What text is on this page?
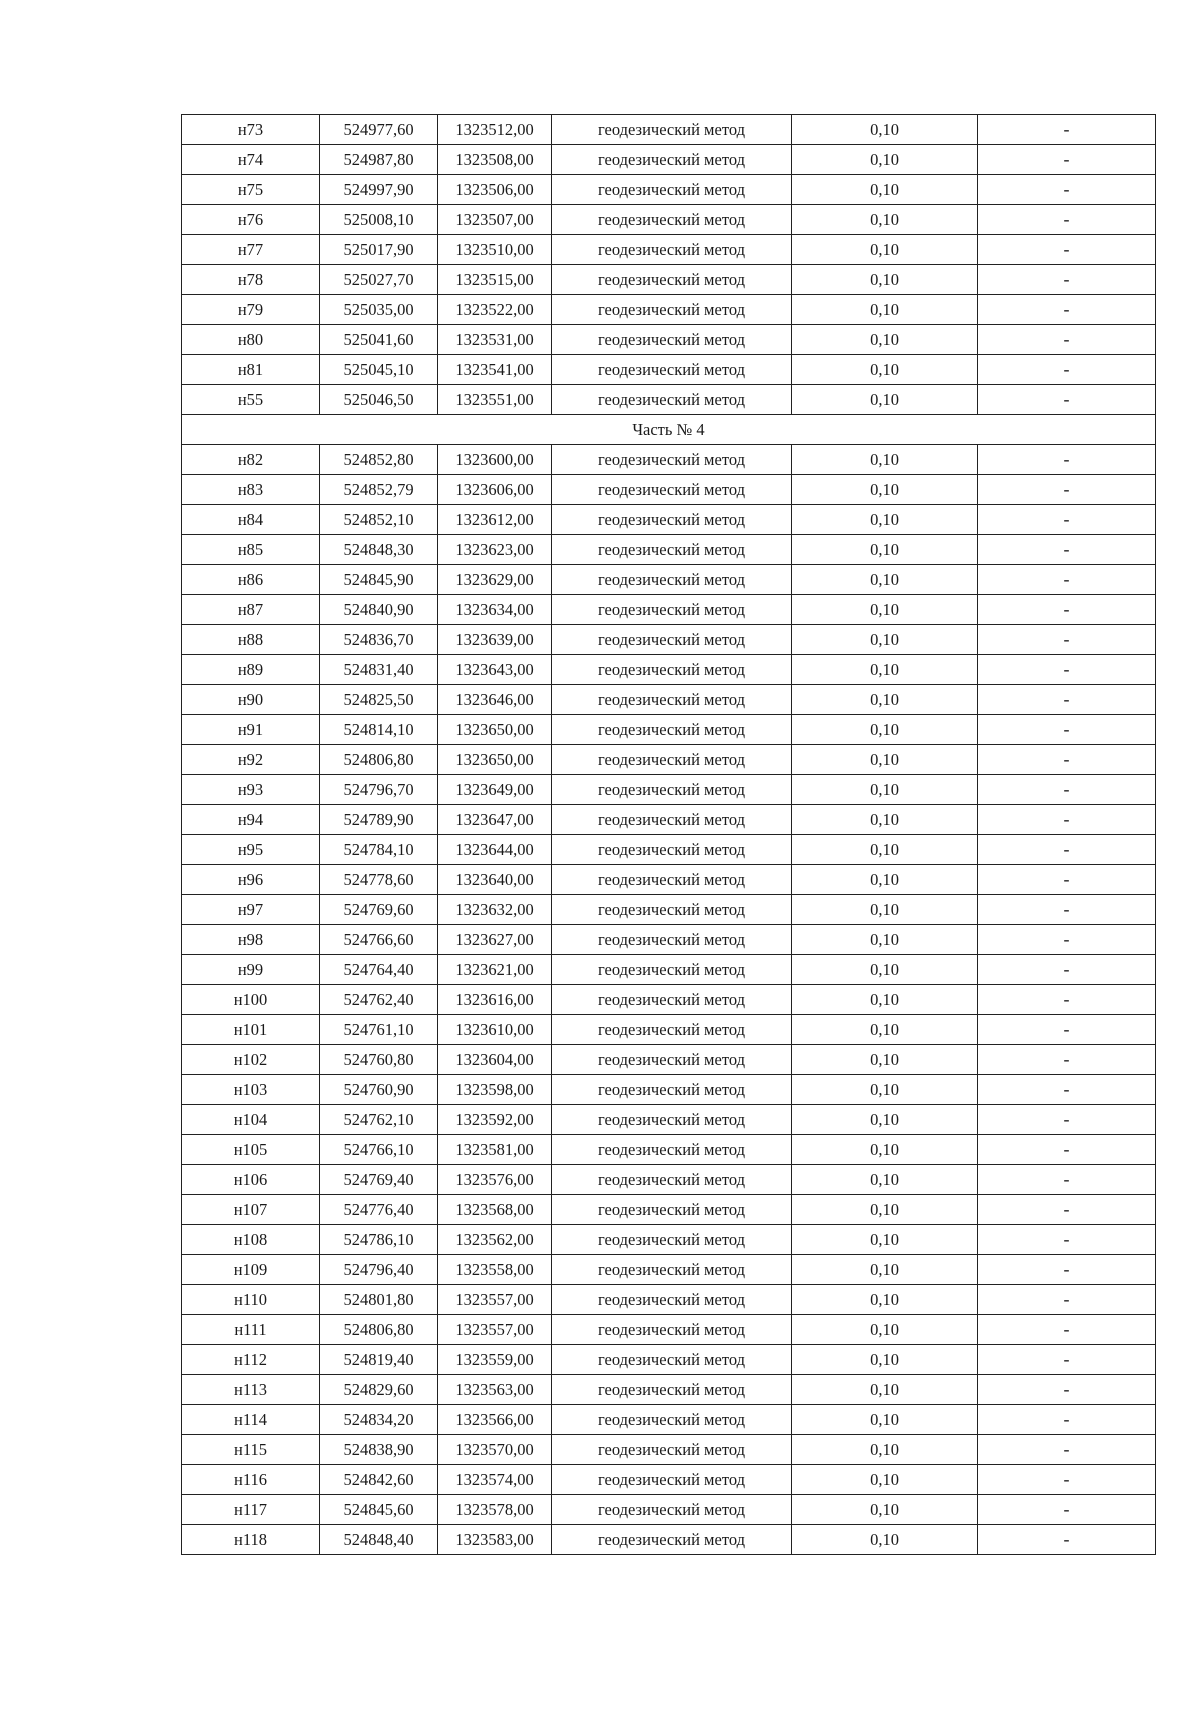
н73	524977,60	1323512,00	геодезический метод	0,10	-
н74	524987,80	1323508,00	геодезический метод	0,10	-
н75	524997,90	1323506,00	геодезический метод	0,10	-
н76	525008,10	1323507,00	геодезический метод	0,10	-
н77	525017,90	1323510,00	геодезический метод	0,10	-
н78	525027,70	1323515,00	геодезический метод	0,10	-
н79	525035,00	1323522,00	геодезический метод	0,10	-
н80	525041,60	1323531,00	геодезический метод	0,10	-
н81	525045,10	1323541,00	геодезический метод	0,10	-
н55	525046,50	1323551,00	геодезический метод	0,10	-
Часть № 4					
н82	524852,80	1323600,00	геодезический метод	0,10	-
н83	524852,79	1323606,00	геодезический метод	0,10	-
н84	524852,10	1323612,00	геодезический метод	0,10	-
н85	524848,30	1323623,00	геодезический метод	0,10	-
н86	524845,90	1323629,00	геодезический метод	0,10	-
н87	524840,90	1323634,00	геодезический метод	0,10	-
н88	524836,70	1323639,00	геодезический метод	0,10	-
н89	524831,40	1323643,00	геодезический метод	0,10	-
н90	524825,50	1323646,00	геодезический метод	0,10	-
н91	524814,10	1323650,00	геодезический метод	0,10	-
н92	524806,80	1323650,00	геодезический метод	0,10	-
н93	524796,70	1323649,00	геодезический метод	0,10	-
н94	524789,90	1323647,00	геодезический метод	0,10	-
н95	524784,10	1323644,00	геодезический метод	0,10	-
н96	524778,60	1323640,00	геодезический метод	0,10	-
н97	524769,60	1323632,00	геодезический метод	0,10	-
н98	524766,60	1323627,00	геодезический метод	0,10	-
н99	524764,40	1323621,00	геодезический метод	0,10	-
н100	524762,40	1323616,00	геодезический метод	0,10	-
н101	524761,10	1323610,00	геодезический метод	0,10	-
н102	524760,80	1323604,00	геодезический метод	0,10	-
н103	524760,90	1323598,00	геодезический метод	0,10	-
н104	524762,10	1323592,00	геодезический метод	0,10	-
н105	524766,10	1323581,00	геодезический метод	0,10	-
н106	524769,40	1323576,00	геодезический метод	0,10	-
н107	524776,40	1323568,00	геодезический метод	0,10	-
н108	524786,10	1323562,00	геодезический метод	0,10	-
н109	524796,40	1323558,00	геодезический метод	0,10	-
н110	524801,80	1323557,00	геодезический метод	0,10	-
н111	524806,80	1323557,00	геодезический метод	0,10	-
н112	524819,40	1323559,00	геодезический метод	0,10	-
н113	524829,60	1323563,00	геодезический метод	0,10	-
н114	524834,20	1323566,00	геодезический метод	0,10	-
н115	524838,90	1323570,00	геодезический метод	0,10	-
н116	524842,60	1323574,00	геодезический метод	0,10	-
н117	524845,60	1323578,00	геодезический метод	0,10	-
н118	524848,40	1323583,00	геодезический метод	0,10	-
